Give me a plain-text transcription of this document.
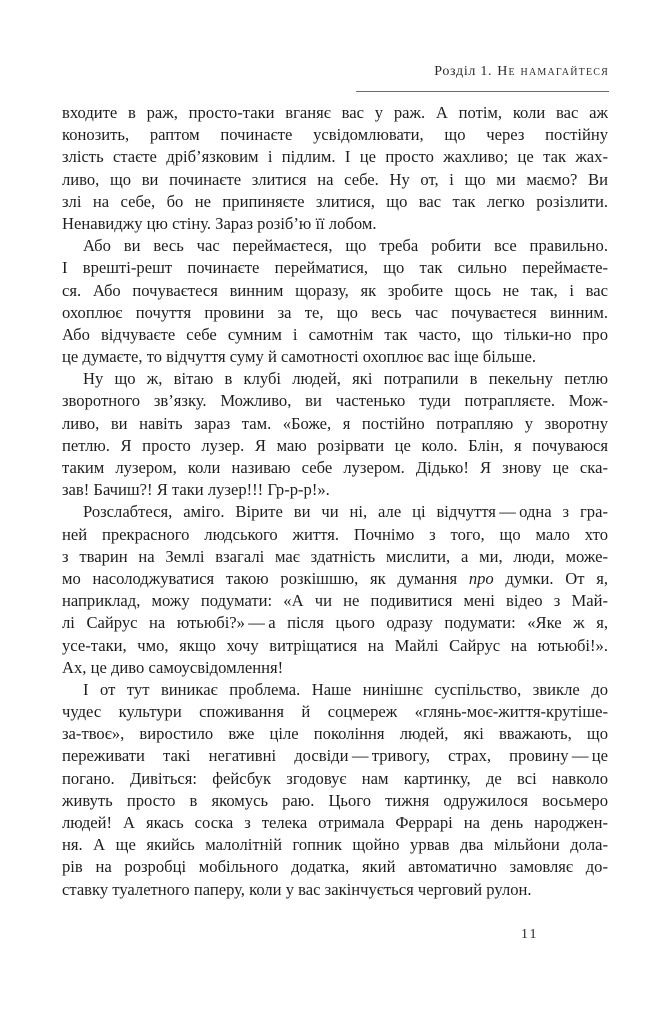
Розділ 1. Не намагайтеся
входите в раж, просто-таки вганяє вас у раж. А потім, коли вас аж
конозить, раптом починаєте усвідомлювати, що через постійну
злість стаєте дріб’язковим і підлим. І це просто жахливо; це так жах-
ливо, що ви починаєте злитися на себе. Ну от, і що ми маємо? Ви
злі на себе, бо не припиняєте злитися, що вас так легко розізлити.
Ненавиджу цю стіну. Зараз розіб’ю її лобом.
Або ви весь час переймаєтеся, що треба робити все правильно.
І врешті-решт починаєте перейматися, що так сильно переймаєте-
ся. Або почуваєтеся винним щоразу, як зробите щось не так, і вас
охоплює почуття провини за те, що весь час почуваєтеся винним.
Або відчуваєте себе сумним і самотнім так часто, що тільки-но про
це думаєте, то відчуття суму й самотності охоплює вас іще більше.
Ну що ж, вітаю в клубі людей, які потрапили в пекельну петлю
зворотного зв’язку. Можливо, ви частенько туди потрапляєте. Мож-
ливо, ви навіть зараз там. «Боже, я постійно потрапляю у зворотну
петлю. Я просто лузер. Я маю розірвати це коло. Блін, я почуваюся
таким лузером, коли називаю себе лузером. Дідько! Я знову це ска-
зав! Бачиш?! Я таки лузер!!! Гр-р-р!».
Розслабтеся, аміго. Вірите ви чи ні, але ці відчуття — одна з гра-
ней прекрасного людського життя. Почнімо з того, що мало хто
з тварин на Землі взагалі має здатність мислити, а ми, люди, може-
мо насолоджуватися такою розкішшю, як думання про думки. От я,
наприклад, можу подумати: «А чи не подивитися мені відео з Май-
лі Сайрус на ютьюбі?» — а після цього одразу подумати: «Яке ж я,
усе-таки, чмо, якщо хочу витріщатися на Майлі Сайрус на ютьюбі!».
Ах, це диво самоусвідомлення!
І от тут виникає проблема. Наше нинішнє суспільство, звикле до
чудес культури споживання й соцмереж «глянь-моє-життя-крутіше-
за-твоє», виростило вже ціле покоління людей, які вважають, що
переживати такі негативні досвіди — тривогу, страх, провину — це
погано. Дивіться: фейсбук згодовує нам картинку, де всі навколо
живуть просто в якомусь раю. Цього тижня одружилося восьмеро
людей! А якась соска з телека отримала Феррарі на день народжен-
ня. А ще якийсь малолітній гопник щойно урвав два мільйони дола-
рів на розробці мобільного додатка, який автоматично замовляє до-
ставку туалетного паперу, коли у вас закінчується черговий рулон.
11
